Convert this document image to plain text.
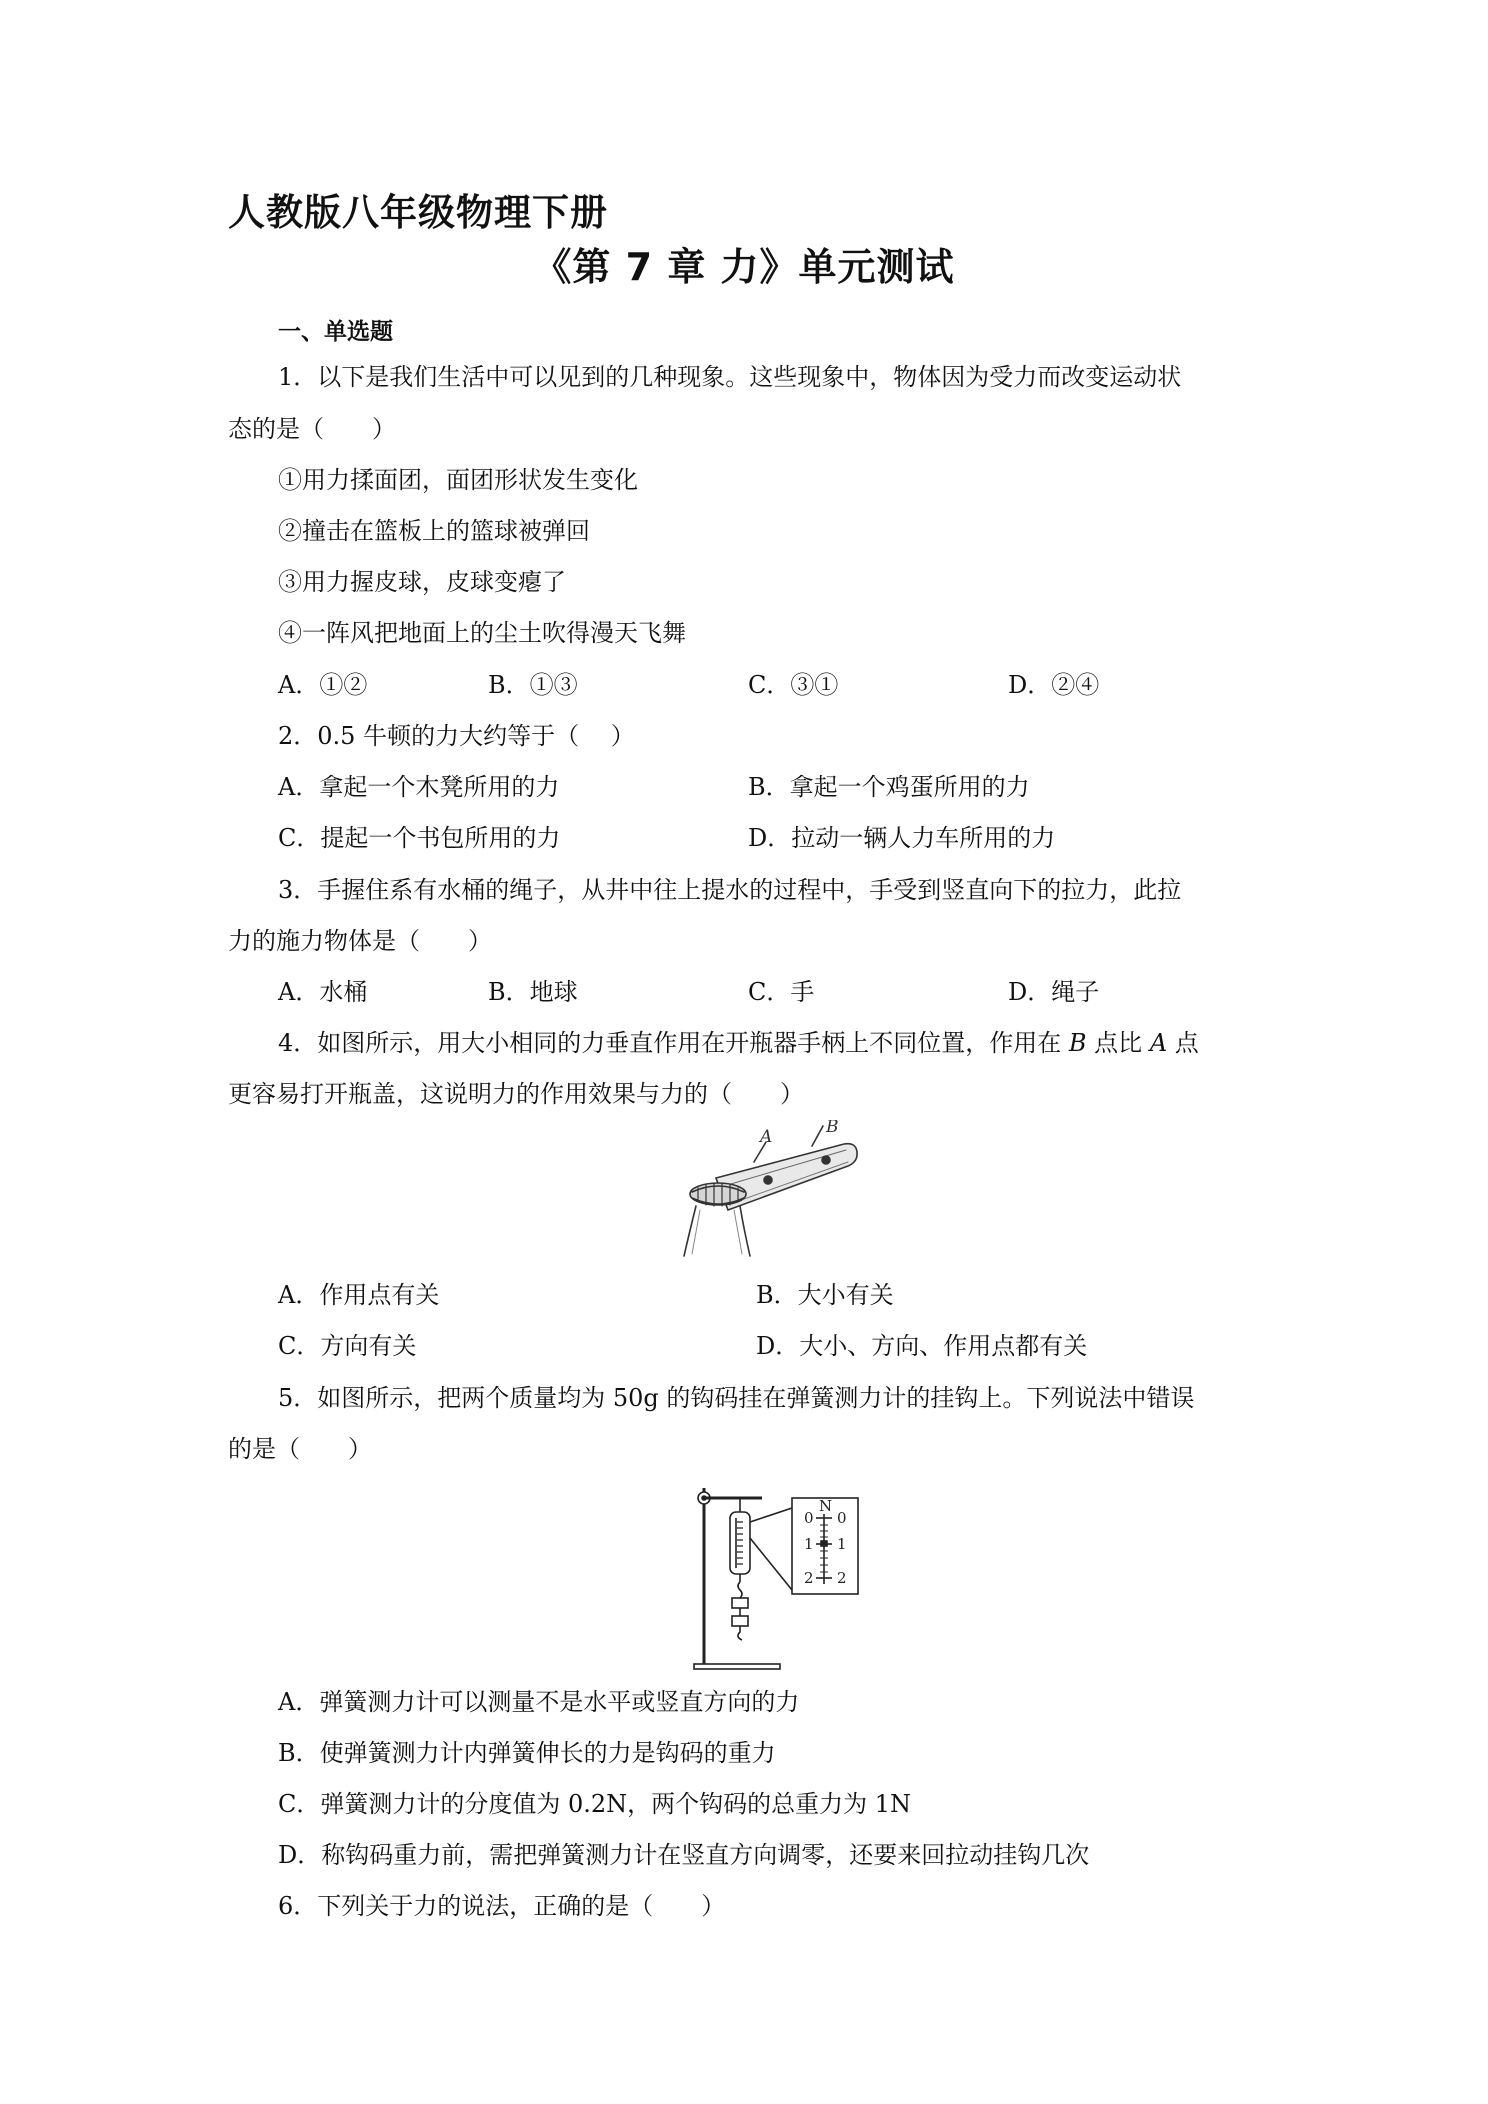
人教版八年级物理下册
《第 7 章 力》单元测试
一、单选题
1．以下是我们生活中可以见到的几种现象。这些现象中，物体因为受力而改变运动状
态的是（　　）
①用力揉面团，面团形状发生变化
②撞击在篮板上的篮球被弹回
③用力握皮球，皮球变瘪了
④一阵风把地面上的尘土吹得漫天飞舞
A．①②	B．①③	C．③①	D．②④
2．0.5 牛顿的力大约等于（　 ）
A．拿起一个木凳所用的力	B．拿起一个鸡蛋所用的力
C．提起一个书包所用的力	D．拉动一辆人力车所用的力
3．手握住系有水桶的绳子，从井中往上提水的过程中，手受到竖直向下的拉力，此拉
力的施力物体是（　　）
A．水桶	B．地球	C．手	D．绳子
4．如图所示，用大小相同的力垂直作用在开瓶器手柄上不同位置，作用在 B 点比 A 点
更容易打开瓶盖，这说明力的作用效果与力的（　　）
A	B
A．作用点有关	B．大小有关
C．方向有关	D．大小、方向、作用点都有关
5．如图所示，把两个质量均为 50g 的钩码挂在弹簧测力计的挂钩上。下列说法中错误
的是（　　）
N
0 0
1 1
2 2
A．弹簧测力计可以测量不是水平或竖直方向的力
B．使弹簧测力计内弹簧伸长的力是钩码的重力
C．弹簧测力计的分度值为 0.2N，两个钩码的总重力为 1N
D．称钩码重力前，需把弹簧测力计在竖直方向调零，还要来回拉动挂钩几次
6．下列关于力的说法，正确的是（　　）
